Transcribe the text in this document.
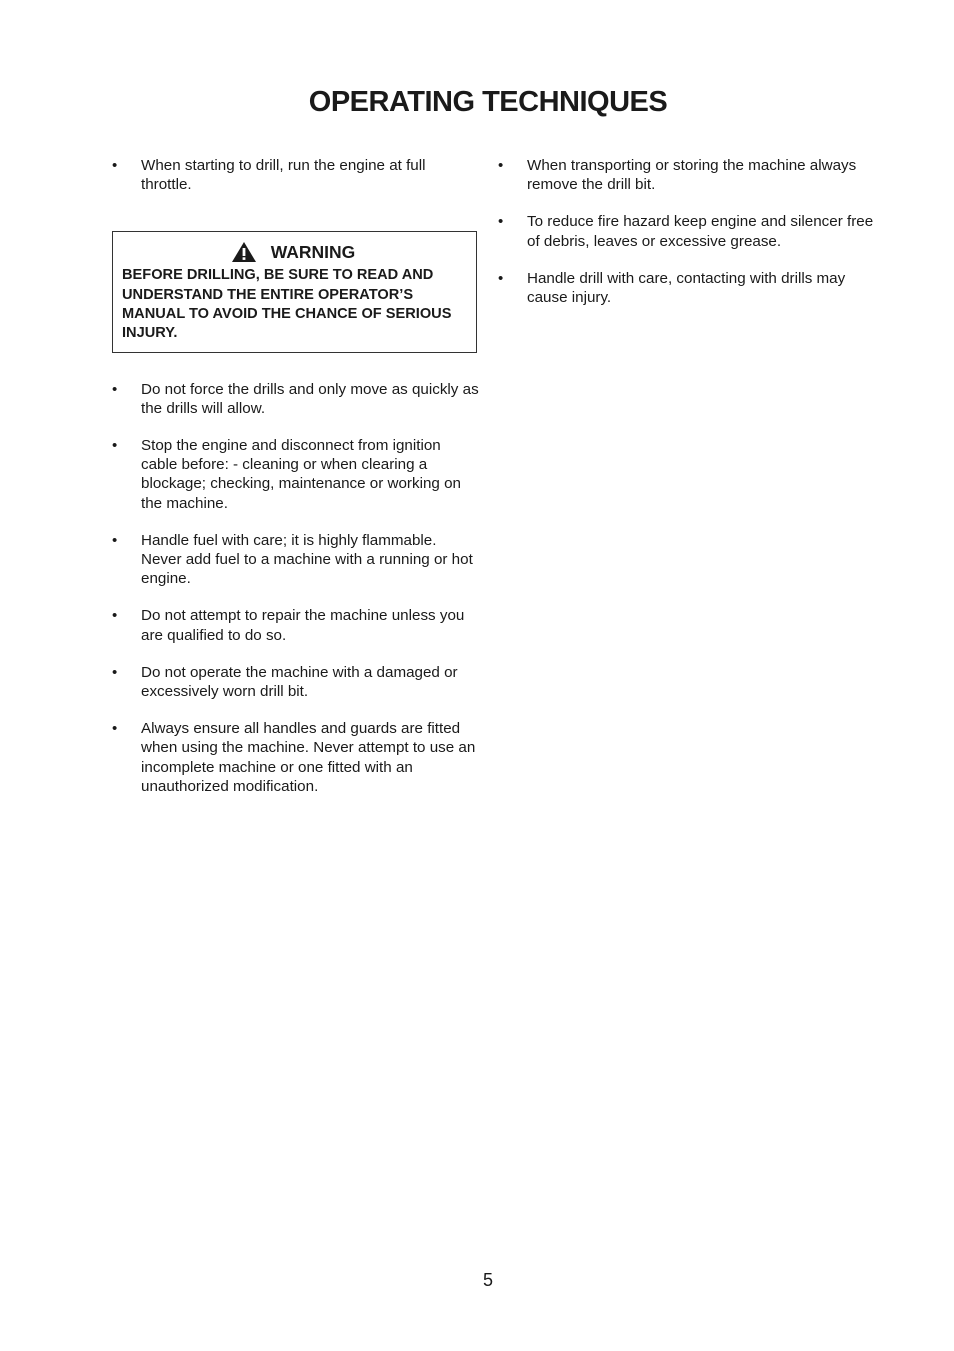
OPERATING TECHNIQUES
• When starting to drill, run the engine at full throttle.
WARNING
BEFORE DRILLING, BE SURE TO READ AND UNDERSTAND THE ENTIRE OPERATOR’S MANUAL TO AVOID THE CHANCE OF SERIOUS INJURY.
• Do not force the drills and only move as quickly as the drills will allow.
• Stop the engine and disconnect from ignition cable before: - cleaning or when clearing a blockage; checking, maintenance or working on the machine.
• Handle fuel with care; it is highly flammable. Never add fuel to a machine with a running or hot engine.
• Do not attempt to repair the machine unless you are qualified to do so.
• Do not operate the machine with a damaged or excessively worn drill bit.
• Always ensure all handles and guards are fitted when using the machine. Never attempt to use an incomplete machine or one fitted with an unauthorized modification.
• When transporting or storing the machine always remove the drill bit.
• To reduce fire hazard keep engine and silencer free of debris, leaves or excessive grease.
• Handle drill with care, contacting with drills may cause injury.
5
